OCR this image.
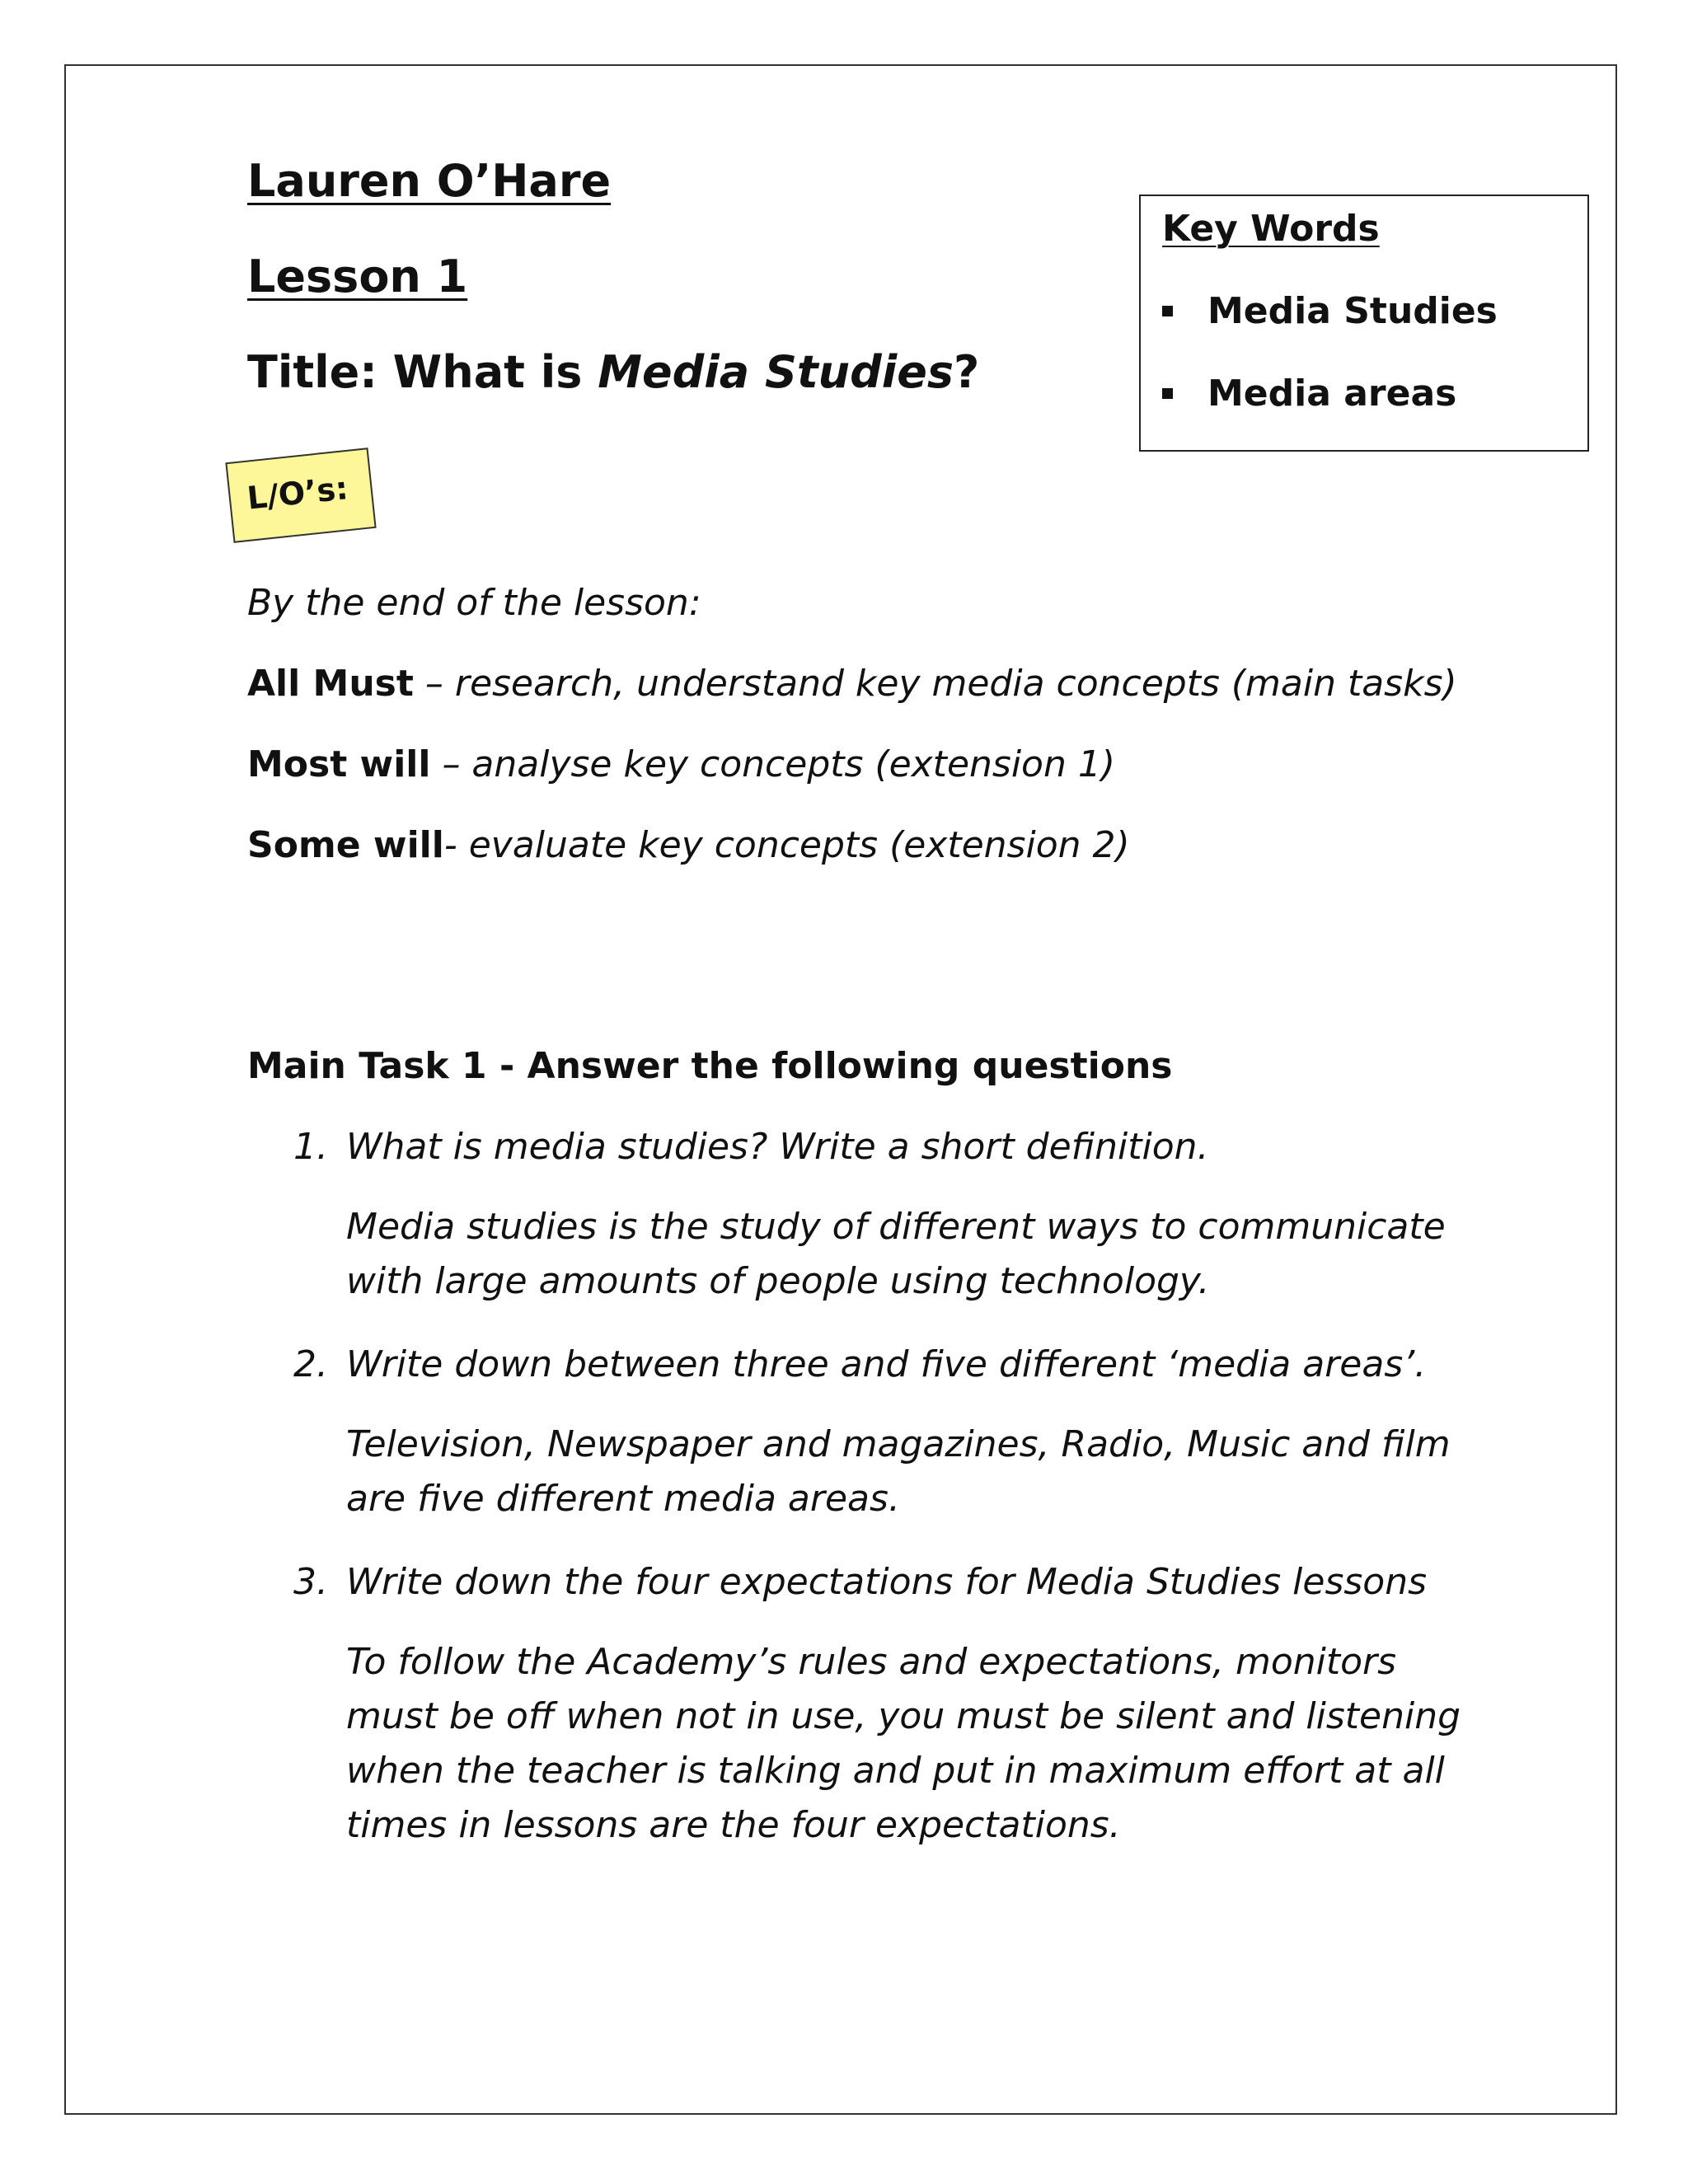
Lauren O’Hare
Lesson 1
Title: What is Media Studies?
Key Words
Media Studies
Media areas
L/O’s:
By the end of the lesson:
All Must – research, understand key media concepts (main tasks)
Most will – analyse key concepts (extension 1)
Some will- evaluate key concepts (extension 2)
Main Task 1 - Answer the following questions
1. What is media studies? Write a short definition.
Media studies is the study of different ways to communicate
with large amounts of people using technology.
2. Write down between three and five different ‘media areas’.
Television, Newspaper and magazines, Radio, Music and film
are five different media areas.
3. Write down the four expectations for Media Studies lessons
To follow the Academy’s rules and expectations, monitors
must be off when not in use, you must be silent and listening
when the teacher is talking and put in maximum effort at all
times in lessons are the four expectations.
